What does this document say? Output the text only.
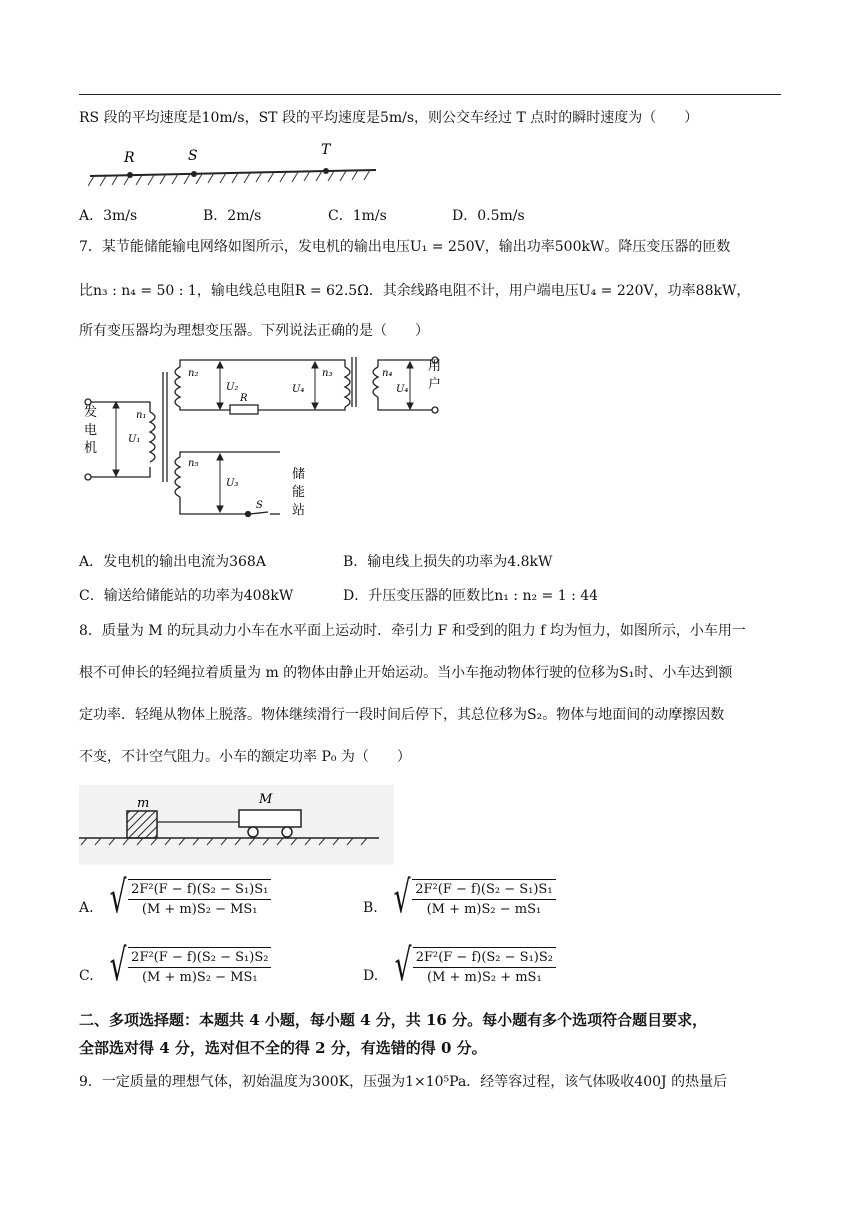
RS 段的平均速度是10m/s，ST 段的平均速度是5m/s，则公交车经过 T 点时的瞬时速度为（　　）
R	S	T
A．3m/s	B．2m/s	C．1m/s	D．0.5m/s
7．某节能储能输电网络如图所示，发电机的输出电压U₁ = 250V，输出功率500kW。降压变压器的匝数
比n₃ : n₄ = 50 : 1，输电线总电阻R = 62.5Ω．其余线路电阻不计，用户端电压U₄ = 220V，功率88kW，
所有变压器均为理想变压器。下列说法正确的是（　　）
发
电
机
用
户
储
能
站
U₁
n₁
n₂
U₂
n₃
U₄
n₄
U₄
R
n₅
U₃
S
A．发电机的输出电流为368A	B．输电线上损失的功率为4.8kW
C．输送给储能站的功率为408kW	D．升压变压器的匝数比n₁ : n₂ = 1 : 44
8．质量为 M 的玩具动力小车在水平面上运动时．牵引力 F 和受到的阻力 f 均为恒力，如图所示，小车用一
根不可伸长的轻绳拉着质量为 m 的物体由静止开始运动。当小车拖动物体行驶的位移为S₁时、小车达到额
定功率．轻绳从物体上脱落。物体继续滑行一段时间后停下，其总位移为S₂。物体与地面间的动摩擦因数
不变，不计空气阻力。小车的额定功率 P₀ 为（　　）
m	M
A. √ $\frac{\text{2F²(F − f)(S₂ − S₁)S₁}}{\text{(M + m)S₂ − MS₁}}$	B. √ $\frac{\text{2F²(F − f)(S₂ − S₁)S₁}}{\text{(M + m)S₂ − mS₁}}$
C. √ $\frac{\text{2F²(F − f)(S₂ − S₁)S₂}}{\text{(M + m)S₂ − MS₁}}$	D. √ $\frac{\text{2F²(F − f)(S₂ − S₁)S₂}}{\text{(M + m)S₂ + mS₁}}$
二、多项选择题：本题共 4 小题，每小题 4 分，共 16 分。每小题有多个选项符合题目要求，
全部选对得 4 分，选对但不全的得 2 分，有选错的得 0 分。
9．一定质量的理想气体，初始温度为300K，压强为1×10⁵Pa．经等容过程，该气体吸收400J 的热量后
